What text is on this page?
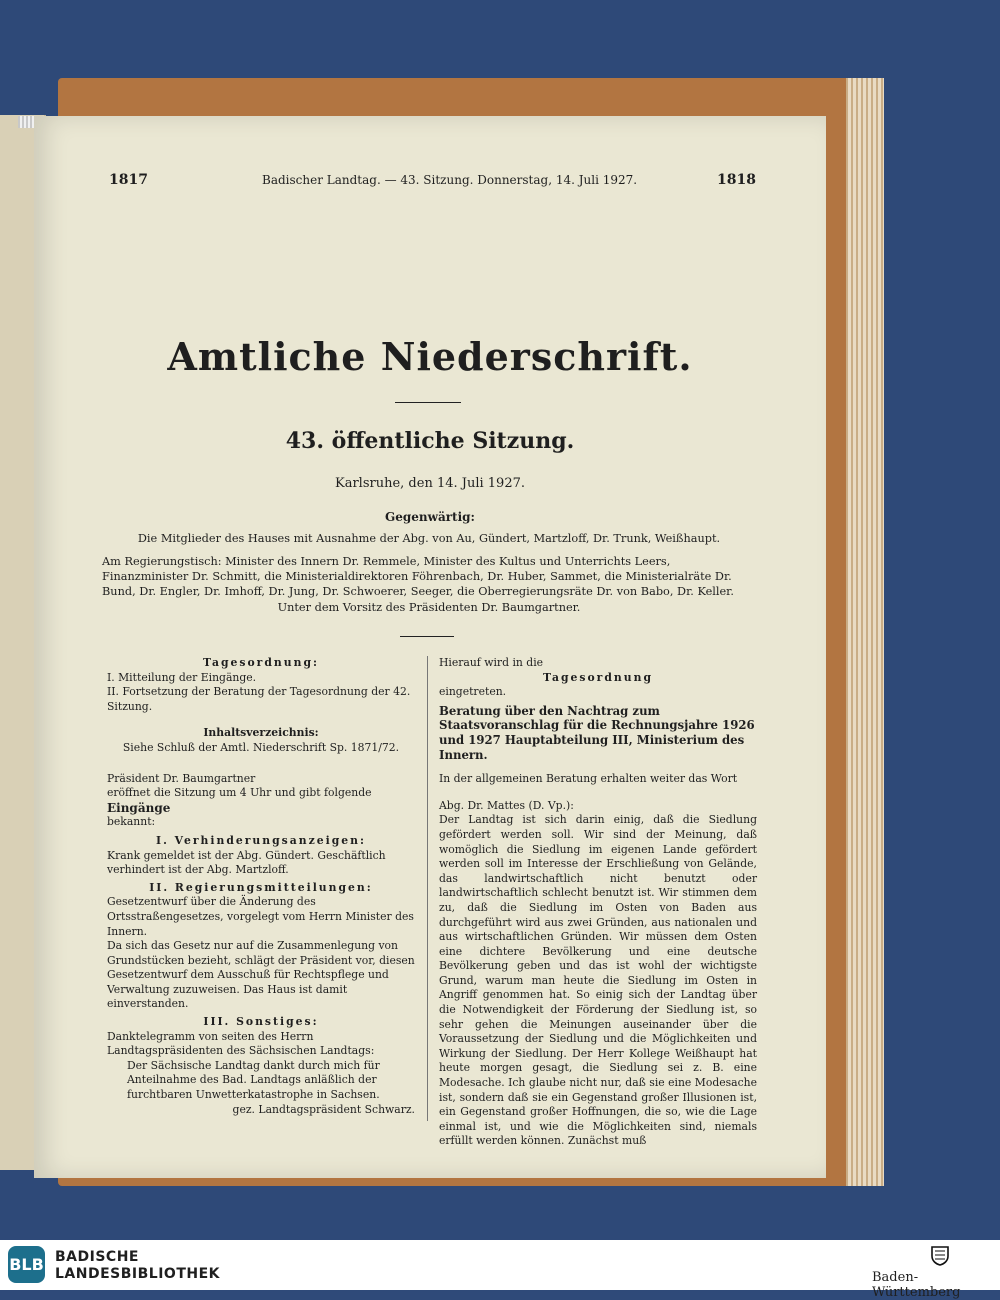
1817	Badischer Landtag. — 43. Sitzung. Donnerstag, 14. Juli 1927.	1818
Amtliche Niederschrift.
43. öffentliche Sitzung.
Karlsruhe, den 14. Juli 1927.
Gegenwärtig:
Die Mitglieder des Hauses mit Ausnahme der Abg. von Au, Gündert, Martzloff, Dr. Trunk, Weißhaupt.
Am Regierungstisch: Minister des Innern Dr. Remmele, Minister des Kultus und Unterrichts Leers, Finanzminister Dr. Schmitt, die Ministerialdirektoren Föhrenbach, Dr. Huber, Sammet, die Ministerialräte Dr. Bund, Dr. Engler, Dr. Imhoff, Dr. Jung, Dr. Schwoerer, Seeger, die Oberregierungsräte Dr. von Babo, Dr. Keller.
Unter dem Vorsitz des Präsidenten Dr. Baumgartner.

Tagesordnung:

I. Mitteilung der Eingänge.

II. Fortsetzung der Beratung der Tagesordnung der 42. Sitzung.

Inhaltsverzeichnis:

Siehe Schluß der Amtl. Niederschrift Sp. 1871/72.

Präsident Dr. Baumgartner

eröffnet die Sitzung um 4 Uhr und gibt folgende

Eingänge

bekannt:

I. Verhinderungsanzeigen:

Krank gemeldet ist der Abg. Gündert. Geschäftlich verhindert ist der Abg. Martzloff.

II. Regierungsmitteilungen:

Gesetzentwurf über die Änderung des Ortsstraßengesetzes, vorgelegt vom Herrn Minister des Innern.

Da sich das Gesetz nur auf die Zusammenlegung von Grundstücken bezieht, schlägt der Präsident vor, diesen Gesetzentwurf dem Ausschuß für Rechtspflege und Verwaltung zuzuweisen. Das Haus ist damit einverstanden.

III. Sonstiges:

Danktelegramm von seiten des Herrn Landtagspräsidenten des Sächsischen Landtags:

Der Sächsische Landtag dankt durch mich für Anteilnahme des Bad. Landtags anläßlich der furchtbaren Unwetterkatastrophe in Sachsen.

gez. Landtagspräsident Schwarz.

Hierauf wird in die

Tagesordnung

eingetreten.

Beratung über den Nachtrag zum Staatsvoranschlag für die Rechnungsjahre 1926 und 1927 Hauptabteilung III, Ministerium des Innern.

In der allgemeinen Beratung erhalten weiter das Wort

Abg. Dr. Mattes (D. Vp.):

Der Landtag ist sich darin einig, daß die Siedlung gefördert werden soll. Wir sind der Meinung, daß womöglich die Siedlung im eigenen Lande gefördert werden soll im Interesse der Erschließung von Gelände, das landwirtschaftlich nicht benutzt oder landwirtschaftlich schlecht benutzt ist. Wir stimmen dem zu, daß die Siedlung im Osten von Baden aus durchgeführt wird aus zwei Gründen, aus nationalen und aus wirtschaftlichen Gründen. Wir müssen dem Osten eine dichtere Bevölkerung und eine deutsche Bevölkerung geben und das ist wohl der wichtigste Grund, warum man heute die Siedlung im Osten in Angriff genommen hat. So einig sich der Landtag über die Notwendigkeit der Förderung der Siedlung ist, so sehr gehen die Meinungen auseinander über die Voraussetzung der Siedlung und die Möglichkeiten und Wirkung der Siedlung. Der Herr Kollege Weißhaupt hat heute morgen gesagt, die Siedlung sei z. B. eine Modesache. Ich glaube nicht nur, daß sie eine Modesache ist, sondern daß sie ein Gegenstand großer Illusionen ist, ein Gegenstand großer Hoffnungen, die so, wie die Lage einmal ist, und wie die Möglichkeiten sind, niemals erfüllt werden können. Zunächst muß

BLB BADISCHE
LANDESBIBLIOTHEK	Baden-Württemberg
